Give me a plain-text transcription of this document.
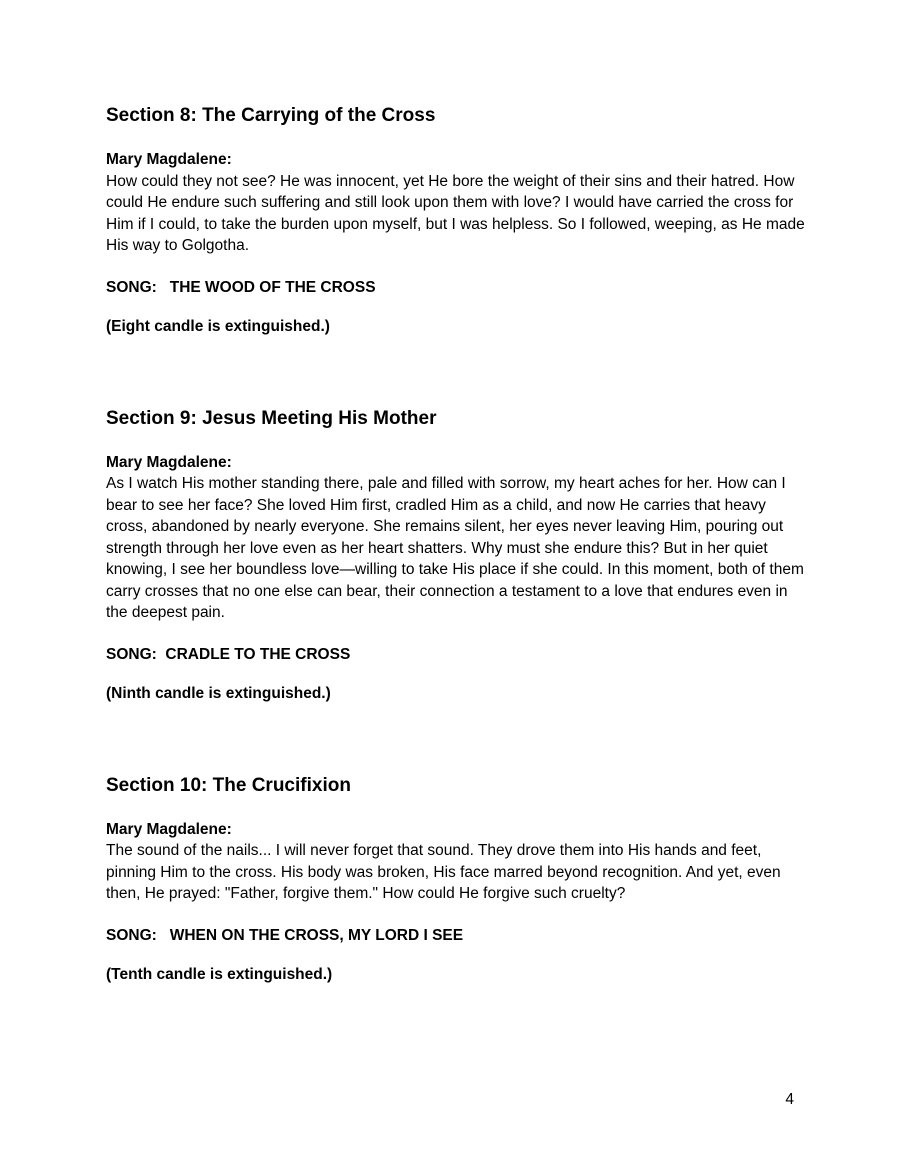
Section 8: The Carrying of the Cross
Mary Magdalene:
How could they not see? He was innocent, yet He bore the weight of their sins and their hatred. How could He endure such suffering and still look upon them with love? I would have carried the cross for Him if I could, to take the burden upon myself, but I was helpless. So I followed, weeping, as He made His way to Golgotha.
SONG:   THE WOOD OF THE CROSS
(Eight candle is extinguished.)
Section 9: Jesus Meeting His Mother
Mary Magdalene:
As I watch His mother standing there, pale and filled with sorrow, my heart aches for her. How can I bear to see her face? She loved Him first, cradled Him as a child, and now He carries that heavy cross, abandoned by nearly everyone. She remains silent, her eyes never leaving Him, pouring out strength through her love even as her heart shatters. Why must she endure this? But in her quiet knowing, I see her boundless love—willing to take His place if she could. In this moment, both of them carry crosses that no one else can bear, their connection a testament to a love that endures even in the deepest pain.
SONG:  CRADLE TO THE CROSS
(Ninth candle is extinguished.)
Section 10: The Crucifixion
Mary Magdalene:
The sound of the nails... I will never forget that sound. They drove them into His hands and feet, pinning Him to the cross. His body was broken, His face marred beyond recognition. And yet, even then, He prayed: "Father, forgive them." How could He forgive such cruelty?
SONG:   WHEN ON THE CROSS, MY LORD I SEE
(Tenth candle is extinguished.)
4
